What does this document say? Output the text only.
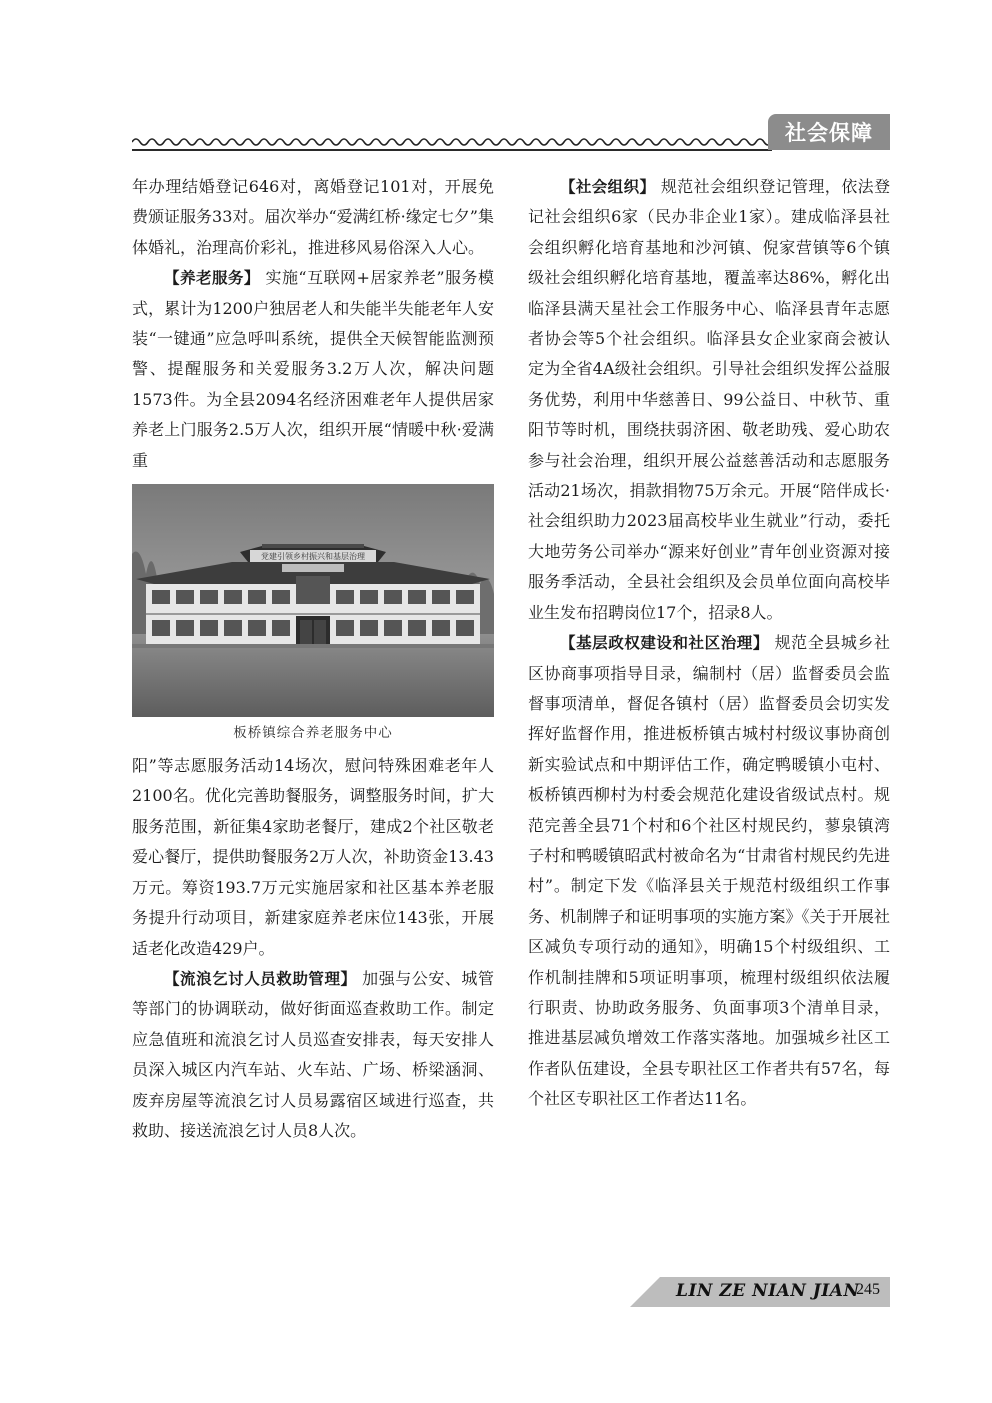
社会保障

年办理结婚登记646对，离婚登记101对，开展免费颁证服务33对。届次举办“爱满红桥·缘定七夕”集体婚礼，治理高价彩礼，推进移风易俗深入人心。

【养老服务】 实施“互联网+居家养老”服务模式，累计为1200户独居老人和失能半失能老年人安装“一键通”应急呼叫系统，提供全天候智能监测预警、提醒服务和关爱服务3.2万人次，解决问题1573件。为全县2094名经济困难老年人提供居家养老上门服务2.5万人次，组织开展“情暖中秋·爱满重

党建引领乡村振兴和基层治理
板桥镇综合养老服务中心

阳”等志愿服务活动14场次，慰问特殊困难老年人2100名。优化完善助餐服务，调整服务时间，扩大服务范围，新征集4家助老餐厅，建成2个社区敬老爱心餐厅，提供助餐服务2万人次，补助资金13.43万元。筹资193.7万元实施居家和社区基本养老服务提升行动项目，新建家庭养老床位143张，开展适老化改造429户。

【流浪乞讨人员救助管理】 加强与公安、城管等部门的协调联动，做好街面巡查救助工作。制定应急值班和流浪乞讨人员巡查安排表，每天安排人员深入城区内汽车站、火车站、广场、桥梁涵洞、废弃房屋等流浪乞讨人员易露宿区域进行巡查，共救助、接送流浪乞讨人员8人次。

【社会组织】 规范社会组织登记管理，依法登记社会组织6家（民办非企业1家）。建成临泽县社会组织孵化培育基地和沙河镇、倪家营镇等6个镇级社会组织孵化培育基地，覆盖率达86%，孵化出临泽县满天星社会工作服务中心、临泽县青年志愿者协会等5个社会组织。临泽县女企业家商会被认定为全省4A级社会组织。引导社会组织发挥公益服务优势，利用中华慈善日、99公益日、中秋节、重阳节等时机，围绕扶弱济困、敬老助残、爱心助农参与社会治理，组织开展公益慈善活动和志愿服务活动21场次，捐款捐物75万余元。开展“陪伴成长·社会组织助力2023届高校毕业生就业”行动，委托大地劳务公司举办“源来好创业”青年创业资源对接服务季活动，全县社会组织及会员单位面向高校毕业生发布招聘岗位17个，招录8人。

【基层政权建设和社区治理】 规范全县城乡社区协商事项指导目录，编制村（居）监督委员会监督事项清单，督促各镇村（居）监督委员会切实发挥好监督作用，推进板桥镇古城村村级议事协商创新实验试点和中期评估工作，确定鸭暖镇小屯村、板桥镇西柳村为村委会规范化建设省级试点村。规范完善全县71个村和6个社区村规民约，蓼泉镇湾子村和鸭暖镇昭武村被命名为“甘肃省村规民约先进村”。制定下发《临泽县关于规范村级组织工作事务、机制牌子和证明事项的实施方案》《关于开展社区减负专项行动的通知》，明确15个村级组织、工作机制挂牌和5项证明事项，梳理村级组织依法履行职责、协助政务服务、负面事项3个清单目录，推进基层减负增效工作落实落地。加强城乡社区工作者队伍建设，全县专职社区工作者共有57名，每个社区专职社区工作者达11名。

LIN ZE NIAN JIAN
245
